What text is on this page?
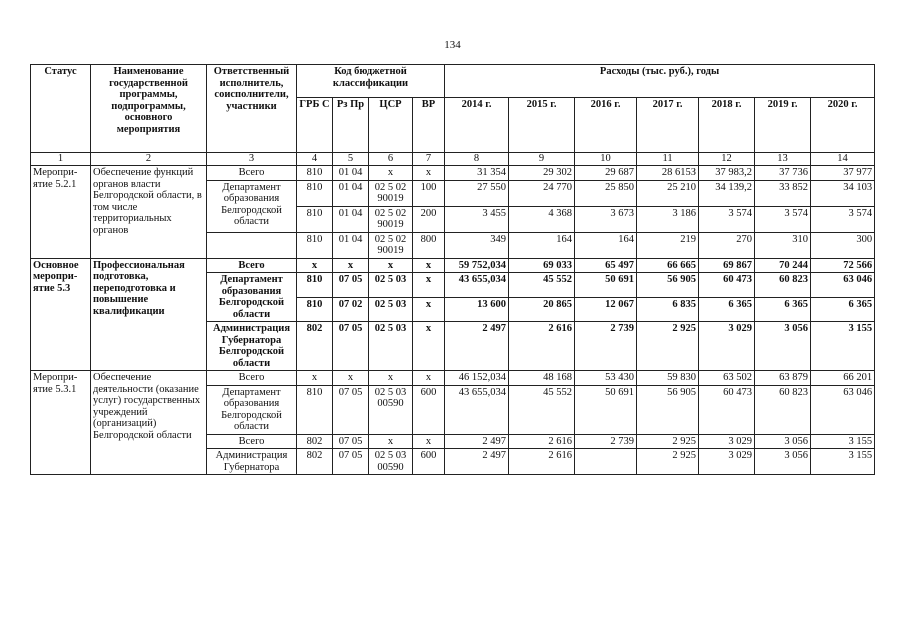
134
Статус	Наименование государственной программы, подпрограммы, основного мероприятия	Ответственный исполнитель, соисполнители, участники	Код бюджетной классификации				Расходы (тыс. руб.), годы						
			ГРБ С	Рз Пр	ЦСР	ВР	2014 г.	2015 г.	2016 г.	2017 г.	2018 г.	2019 г.	2020 г.
1	2	3	4	5	6	7	8	9	10	11	12	13	14
Меропри-ятие 5.2.1	Обеспечение функций органов власти Белгородской области, в том числе территориальных органов	Всего	810	01 04	х	х	31 354	29 302	29 687	28 615З	37 983,2	37 736	37 977
		Департамент образования Белгородской области	810	01 04	02 5 02 90019	100	27 550	24 770	25 850	25 210	34 139,2	33 852	34 103
			810	01 04	02 5 02 90019	200	3 455	4 368	3 673	3 186	3 574	3 574	3 574
			810	01 04	02 5 02 90019	800	349	164	164	219	270	310	300
Основное меропри-ятие 5.3	Профессиональная подготовка, переподготовка и повышение квалификации	Всего	х	х	х	х	59 752,034	69 033	65 497	66 665	69 867	70 244	72 566
		Департамент образования Белгородской области	810	07 05	02 5 03	х	43 655,034	45 552	50 691	56 905	60 473	60 823	63 046
			810	07 02	02 5 03	х	13 600	20 865	12 067	6 835	6 365	6 365	6 365
		Администрация Губернатора Белгородской области	802	07 05	02 5 03	х	2 497	2 616	2 739	2 925	3 029	3 056	3 155
Меропри-ятие 5.3.1	Обеспечение деятельности (оказание услуг) государственных учреждений (организаций) Белгородской области	Всего	х	х	х	х	46 152,034	48 168	53 430	59 830	63 502	63 879	66 201
		Департамент образования Белгородской области	810	07 05	02 5 03 00590	600	43 655,034	45 552	50 691	56 905	60 473	60 823	63 046
		Всего	802	07 05	х	х	2 497	2 616	2 739	2 925	3 029	3 056	3 155
		Администрация Губернатора	802	07 05	02 5 03 00590	600	2 497	2 616		2 925	3 029	3 056	3 155
